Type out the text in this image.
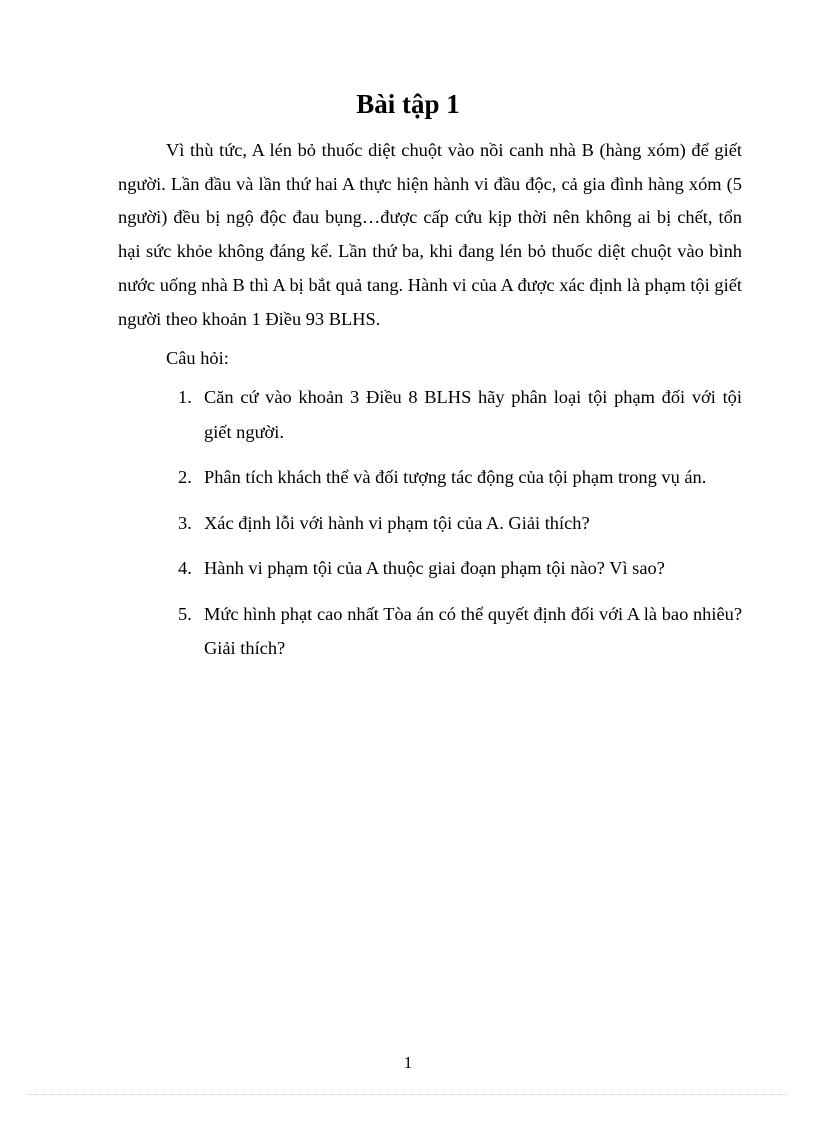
Bài tập 1

Vì thù tức, A lén bỏ thuốc diệt chuột vào nồi canh nhà B (hàng xóm) để giết người. Lần đầu và lần thứ hai A thực hiện hành vi đầu độc, cả gia đình hàng xóm (5 người) đều bị ngộ độc đau bụng…được cấp cứu kịp thời nên không ai bị chết, tổn hại sức khỏe không đáng kể. Lần thứ ba, khi đang lén bỏ thuốc diệt chuột vào bình nước uống nhà B thì A bị bắt quả tang. Hành vi của A được xác định là phạm tội giết người theo khoản 1 Điều 93 BLHS.

Câu hỏi:

1. Căn cứ vào khoản 3 Điều 8 BLHS hãy phân loại tội phạm đối với tội giết người.
2. Phân tích khách thể và đối tượng tác động của tội phạm trong vụ án.
3. Xác định lỗi với hành vi phạm tội của A. Giải thích?
4. Hành vi phạm tội của A thuộc giai đoạn phạm tội nào? Vì sao?
5. Mức hình phạt cao nhất Tòa án có thể quyết định đối với A là bao nhiêu? Giải thích?

1
